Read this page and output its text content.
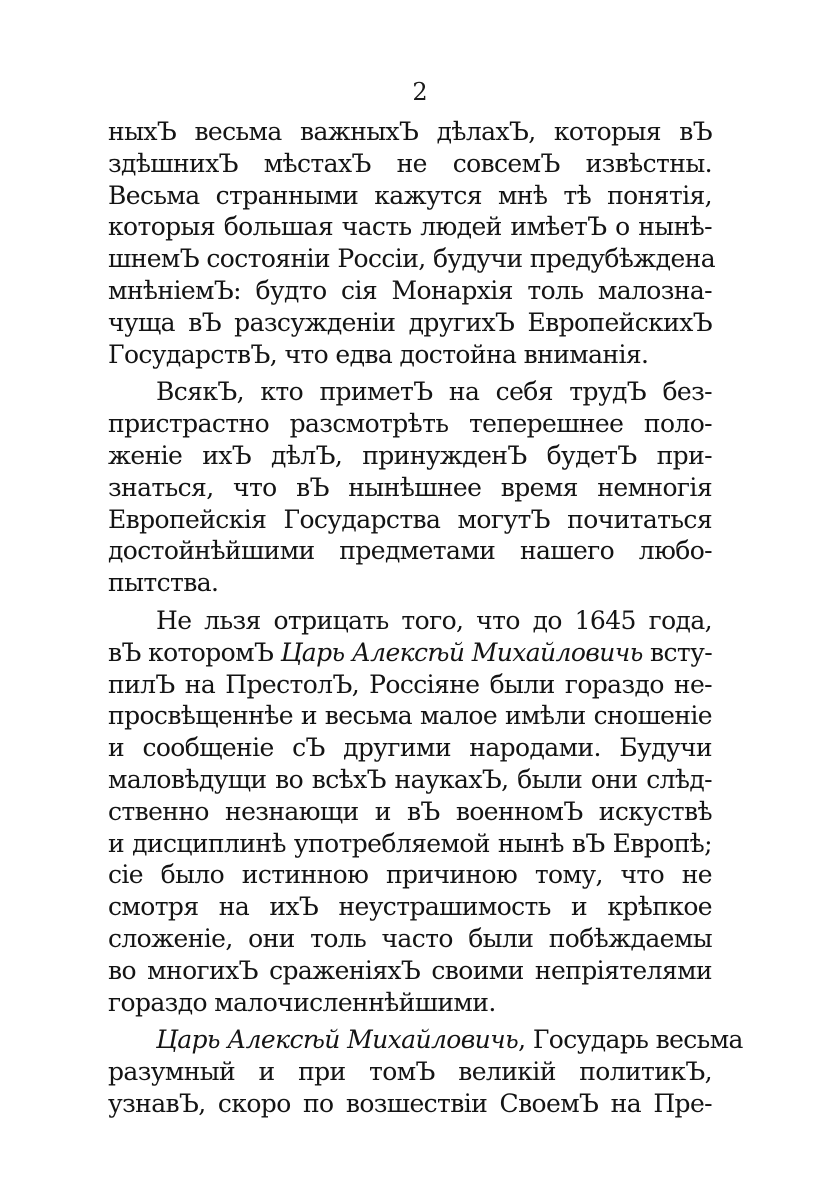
2
ныхЪ весьма важныхЪ дѣлахЪ, которыя вЪ
здѣшнихЪ мѣстахЪ не совсемЪ извѣстны.
Весьма странными кажутся мнѣ тѣ понятія,
которыя большая часть людей имѣетЪ о нынѣ-
шнемЪ состояніи Россіи, будучи предубѣждена
мнѣніемЪ: будто сія Монархія толь малозна-
чуща вЪ разсужденіи другихЪ ЕвропейскихЪ
ГосударствЪ, что едва достойна вниманія.
ВсякЪ, кто приметЪ на себя трудЪ без-
пристрастно разсмотрѣть теперешнее поло-
женіе ихЪ дѣлЪ, принужденЪ будетЪ при-
знаться, что вЪ нынѣшнее время немногія
Европейскія Государства могутЪ почитаться
достойнѣйшими предметами нашего любо-
пытства.
Не льзя отрицать того, что до 1645 года,
вЪ которомЪ Царь Алексѣй Михайловичь всту-
пилЪ на ПрестолЪ, Россіяне были гораздо не-
просвѣщеннѣе и весьма малое имѣли сношеніе
и сообщеніе сЪ другими народами. Будучи
маловѣдущи во всѣхЪ наукахЪ, были они слѣд-
ственно незнающи и вЪ военномЪ искуствѣ
и дисциплинѣ употребляемой нынѣ вЪ Европѣ;
сіе было истинною причиною тому, что не
смотря на ихЪ неустрашимость и крѣпкое
сложеніе, они толь часто были побѣждаемы
во многихЪ сраженіяхЪ своими непріятелями
гораздо малочисленнѣйшими.
Царь Алексѣй Михайловичь, Государь весьма
разумный и при томЪ великій политикЪ,
узнавЪ, скоро по возшествіи СвоемЪ на Пре-
